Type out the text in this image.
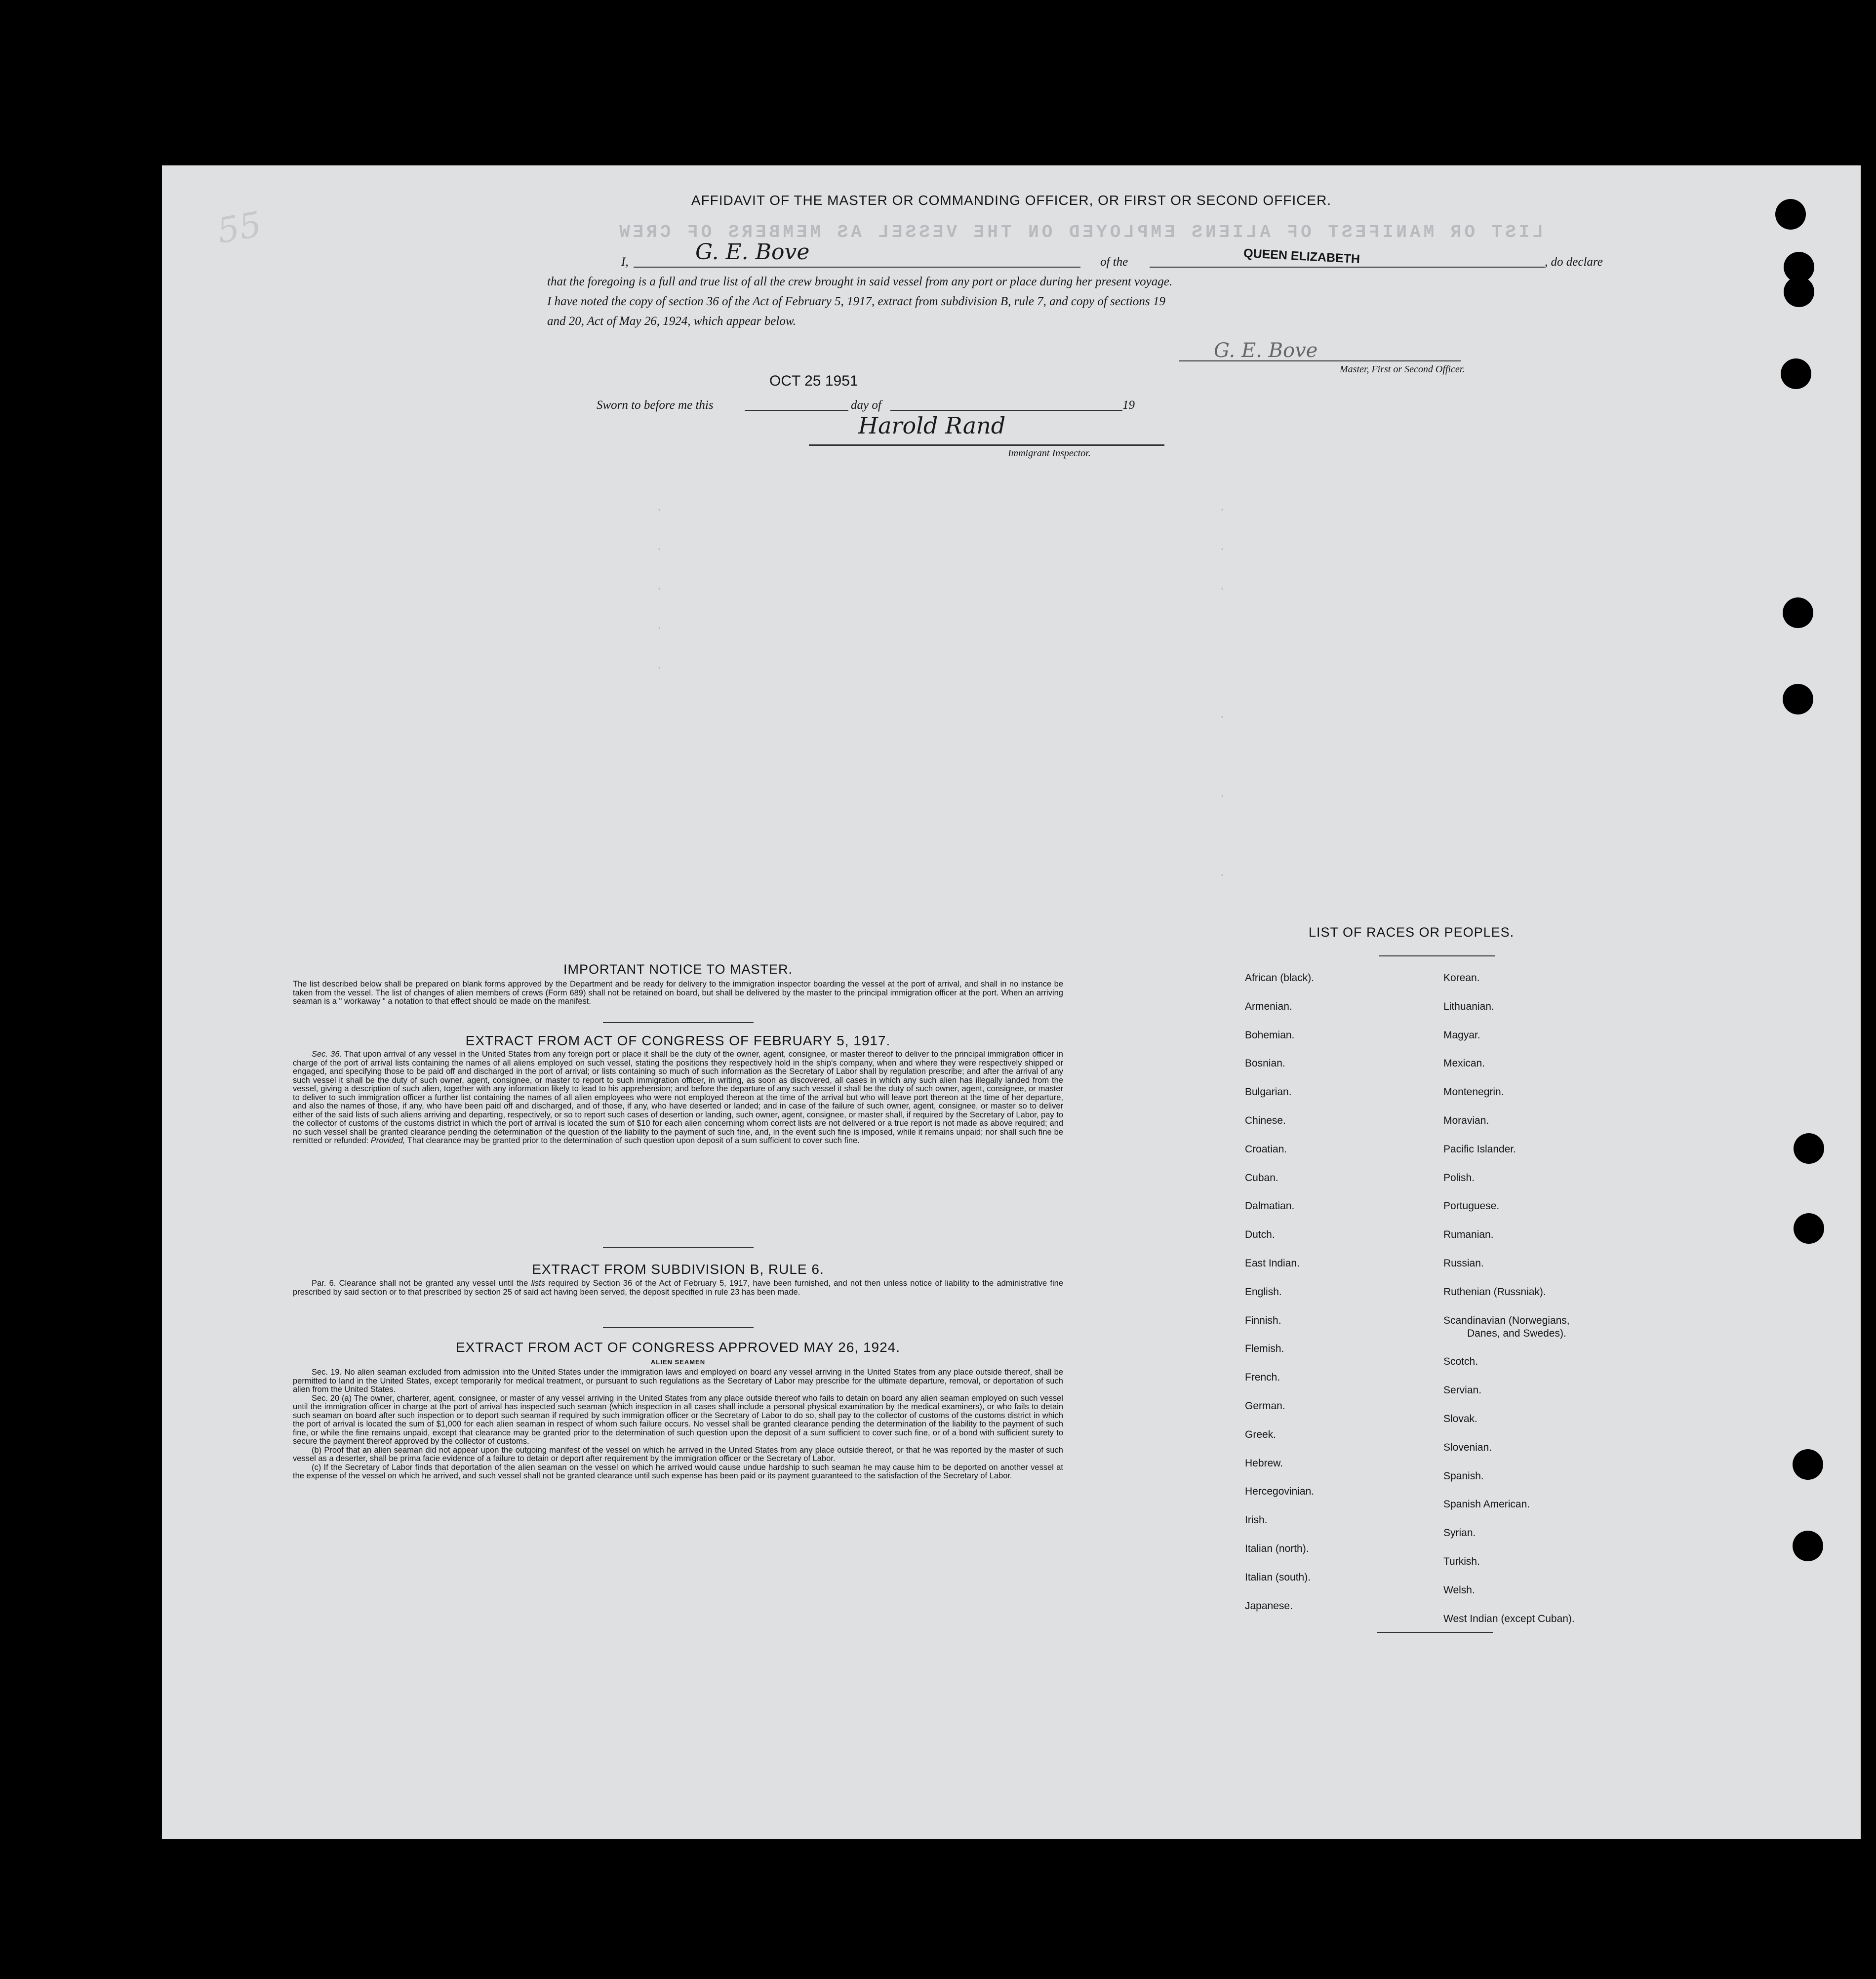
LIST OR MANIFEST OF ALIENS EMPLOYED ON THE VESSEL AS MEMBERS OF CREW
AFFIDAVIT OF THE MASTER OR COMMANDING OFFICER, OR FIRST OR SECOND OFFICER.
I,	G. E. Bove	of the	QUEEN ELIZABETH	, do declare
that the foregoing is a full and true list of all the crew brought in said vessel from any port or place during her present voyage.
I have noted the copy of section 36 of the Act of February 5, 1917, extract from subdivision B, rule 7, and copy of sections 19
and 20, Act of May 26, 1924, which appear below.
G. E. Bove
Master, First or Second Officer.
OCT 25 1951
Sworn to before me this	day of	19
Harold Rand
Immigrant Inspector.
.
.
.
.
.
.
.
.
.
.
.
IMPORTANT NOTICE TO MASTER.
The list described below shall be prepared on blank forms approved by the Department and be ready for delivery to the immigration inspector boarding the vessel at the port of arrival, and shall in no instance be taken from the vessel. The list of changes of alien members of crews (Form 689) shall not be retained on board, but shall be delivered by the master to the principal immigration officer at the port. When an arriving seaman is a " workaway " a notation to that effect should be made on the manifest.
EXTRACT FROM ACT OF CONGRESS OF FEBRUARY 5, 1917.
Sec. 36. That upon arrival of any vessel in the United States from any foreign port or place it shall be the duty of the owner, agent, consignee, or master thereof to deliver to the principal immigration officer in charge of the port of arrival lists containing the names of all aliens employed on such vessel, stating the positions they respectively hold in the ship's company, when and where they were respectively shipped or engaged, and specifying those to be paid off and discharged in the port of arrival; or lists containing so much of such information as the Secretary of Labor shall by regulation prescribe; and after the arrival of any such vessel it shall be the duty of such owner, agent, consignee, or master to report to such immigration officer, in writing, as soon as discovered, all cases in which any such alien has illegally landed from the vessel, giving a description of such alien, together with any information likely to lead to his apprehension; and before the departure of any such vessel it shall be the duty of such owner, agent, consignee, or master to deliver to such immigration officer a further list containing the names of all alien employees who were not employed thereon at the time of the arrival but who will leave port thereon at the time of her departure, and also the names of those, if any, who have been paid off and discharged, and of those, if any, who have deserted or landed; and in case of the failure of such owner, agent, consignee, or master so to deliver either of the said lists of such aliens arriving and departing, respectively, or so to report such cases of desertion or landing, such owner, agent, consignee, or master shall, if required by the Secretary of Labor, pay to the collector of customs of the customs district in which the port of arrival is located the sum of $10 for each alien concerning whom correct lists are not delivered or a true report is not made as above required; and no such vessel shall be granted clearance pending the determination of the question of the liability to the payment of such fine, and, in the event such fine is imposed, while it remains unpaid; nor shall such fine be remitted or refunded: Provided, That clearance may be granted prior to the determination of such question upon deposit of a sum sufficient to cover such fine.
EXTRACT FROM SUBDIVISION B, RULE 6.
Par. 6. Clearance shall not be granted any vessel until the lists required by Section 36 of the Act of February 5, 1917, have been furnished, and not then unless notice of liability to the administrative fine prescribed by said section or to that prescribed by section 25 of said act having been served, the deposit specified in rule 23 has been made.
EXTRACT FROM ACT OF CONGRESS APPROVED MAY 26, 1924.
ALIEN SEAMEN
Sec. 19. No alien seaman excluded from admission into the United States under the immigration laws and employed on board any vessel arriving in the United States from any place outside thereof, shall be permitted to land in the United States, except temporarily for medical treatment, or pursuant to such regulations as the Secretary of Labor may prescribe for the ultimate departure, removal, or deportation of such alien from the United States.
Sec. 20 (a) The owner, charterer, agent, consignee, or master of any vessel arriving in the United States from any place outside thereof who fails to detain on board any alien seaman employed on such vessel until the immigration officer in charge at the port of arrival has inspected such seaman (which inspection in all cases shall include a personal physical examination by the medical examiners), or who fails to detain such seaman on board after such inspection or to deport such seaman if required by such immigration officer or the Secretary of Labor to do so, shall pay to the collector of customs of the customs district in which the port of arrival is located the sum of $1,000 for each alien seaman in respect of whom such failure occurs. No vessel shall be granted clearance pending the determination of the liability to the payment of such fine, or while the fine remains unpaid, except that clearance may be granted prior to the determination of such question upon the deposit of a sum sufficient to cover such fine, or of a bond with sufficient surety to secure the payment thereof approved by the collector of customs.
(b) Proof that an alien seaman did not appear upon the outgoing manifest of the vessel on which he arrived in the United States from any place outside thereof, or that he was reported by the master of such vessel as a deserter, shall be prima facie evidence of a failure to detain or deport after requirement by the immigration officer or the Secretary of Labor.
(c) If the Secretary of Labor finds that deportation of the alien seaman on the vessel on which he arrived would cause undue hardship to such seaman he may cause him to be deported on another vessel at the expense of the vessel on which he arrived, and such vessel shall not be granted clearance until such expense has been paid or its payment guaranteed to the satisfaction of the Secretary of Labor.
LIST OF RACES OR PEOPLES.
African (black).
Armenian.
Bohemian.
Bosnian.
Bulgarian.
Chinese.
Croatian.
Cuban.
Dalmatian.
Dutch.
East Indian.
English.
Finnish.
Flemish.
French.
German.
Greek.
Hebrew.
Hercegovinian.
Irish.
Italian (north).
Italian (south).
Japanese.
Korean.
Lithuanian.
Magyar.
Mexican.
Montenegrin.
Moravian.
Pacific Islander.
Polish.
Portuguese.
Rumanian.
Russian.
Ruthenian (Russniak).
Scandinavian (Norwegians,
Danes, and Swedes).
Scotch.
Servian.
Slovak.
Slovenian.
Spanish.
Spanish American.
Syrian.
Turkish.
Welsh.
West Indian (except Cuban).
55
